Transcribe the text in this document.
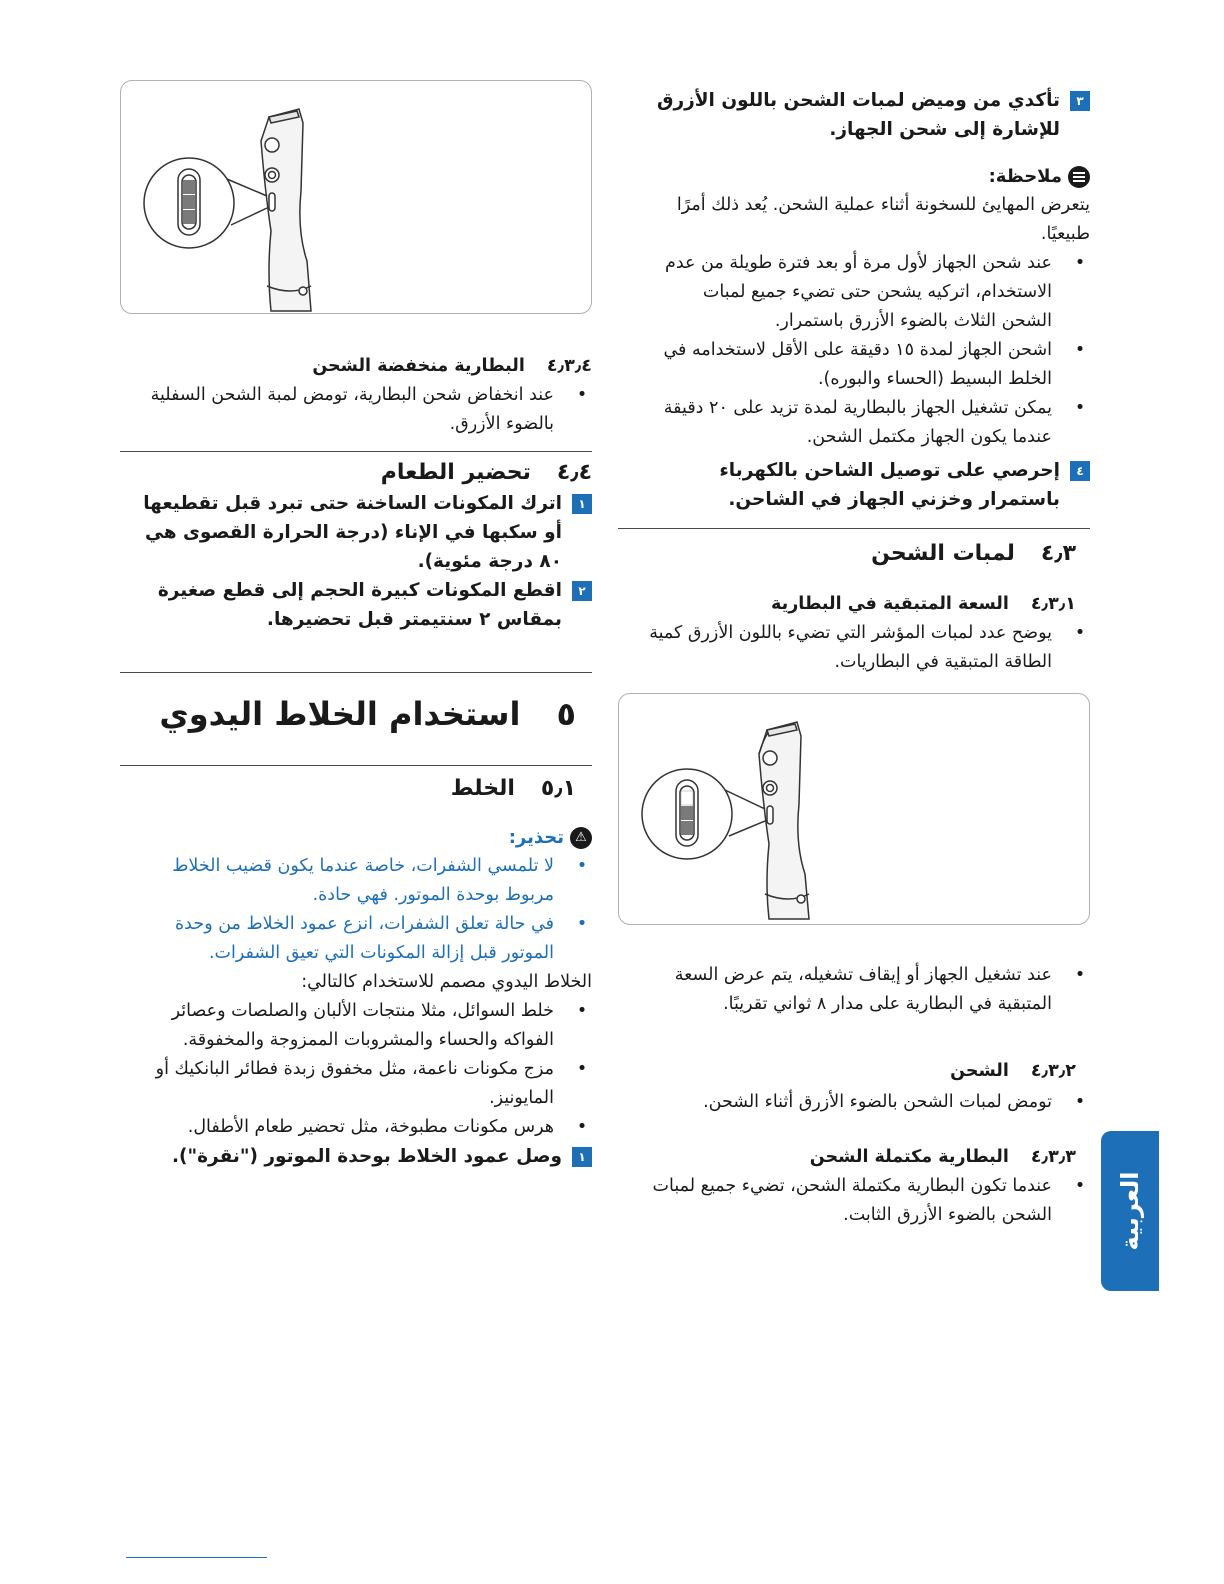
٣
تأكدي من وميض لمبات الشحن باللون الأزرق للإشارة إلى شحن الجهاز.
ملاحظة:

يتعرض المهايئ للسخونة أثناء عملية الشحن. يُعد ذلك أمرًا طبيعيًا.

•
عند شحن الجهاز لأول مرة أو بعد فترة طويلة من عدم الاستخدام، اتركيه يشحن حتى تضيء جميع لمبات الشحن الثلاث بالضوء الأزرق باستمرار.
•
اشحن الجهاز لمدة ١٥ دقيقة على الأقل لاستخدامه في الخلط البسيط (الحساء والبوره).
•
يمكن تشغيل الجهاز بالبطارية لمدة تزيد على ٢٠ دقيقة عندما يكون الجهاز مكتمل الشحن.
٤
إحرصي على توصيل الشاحن بالكهرباء باستمرار وخزني الجهاز في الشاحن.
٤٫٣
لمبات الشحن
٤٫٣٫١
السعة المتبقية في البطارية
•
يوضح عدد لمبات المؤشر التي تضيء باللون الأزرق كمية الطاقة المتبقية في البطاريات.
•
عند تشغيل الجهاز أو إيقاف تشغيله، يتم عرض السعة المتبقية في البطارية على مدار ٨ ثواني تقريبًا.
٤٫٣٫٢
الشحن
•
تومض لمبات الشحن بالضوء الأزرق أثناء الشحن.
٤٫٣٫٣
البطارية مكتملة الشحن
•
عندما تكون البطارية مكتملة الشحن، تضيء جميع لمبات الشحن بالضوء الأزرق الثابت.
٤٫٣٫٤
البطارية منخفضة الشحن
•
عند انخفاض شحن البطارية، تومض لمبة الشحن السفلية بالضوء الأزرق.
٤٫٤
تحضير الطعام
١
اترك المكونات الساخنة حتى تبرد قبل تقطيعها أو سكبها في الإناء (درجة الحرارة القصوى هي ٨٠ درجة مئوية).
٢
اقطع المكونات كبيرة الحجم إلى قطع صغيرة بمقاس ٢ سنتيمتر قبل تحضيرها.
٥
استخدام الخلاط اليدوي
٥٫١
الخلط
⚠
تحذير:
•
لا تلمسي الشفرات، خاصة عندما يكون قضيب الخلاط مربوط بوحدة الموتور. فهي حادة.
•
في حالة تعلق الشفرات، انزع عمود الخلاط من وحدة الموتور قبل إزالة المكونات التي تعيق الشفرات.

الخلاط اليدوي مصمم للاستخدام كالتالي:

•
خلط السوائل، مثلا منتجات الألبان والصلصات وعصائر الفواكه والحساء والمشروبات الممزوجة والمخفوقة.
•
مزج مكونات ناعمة، مثل مخفوق زبدة فطائر البانكيك أو المايونيز.
•
هرس مكونات مطبوخة، مثل تحضير طعام الأطفال.
١
وصل عمود الخلاط بوحدة الموتور ("نقرة").
العربية
